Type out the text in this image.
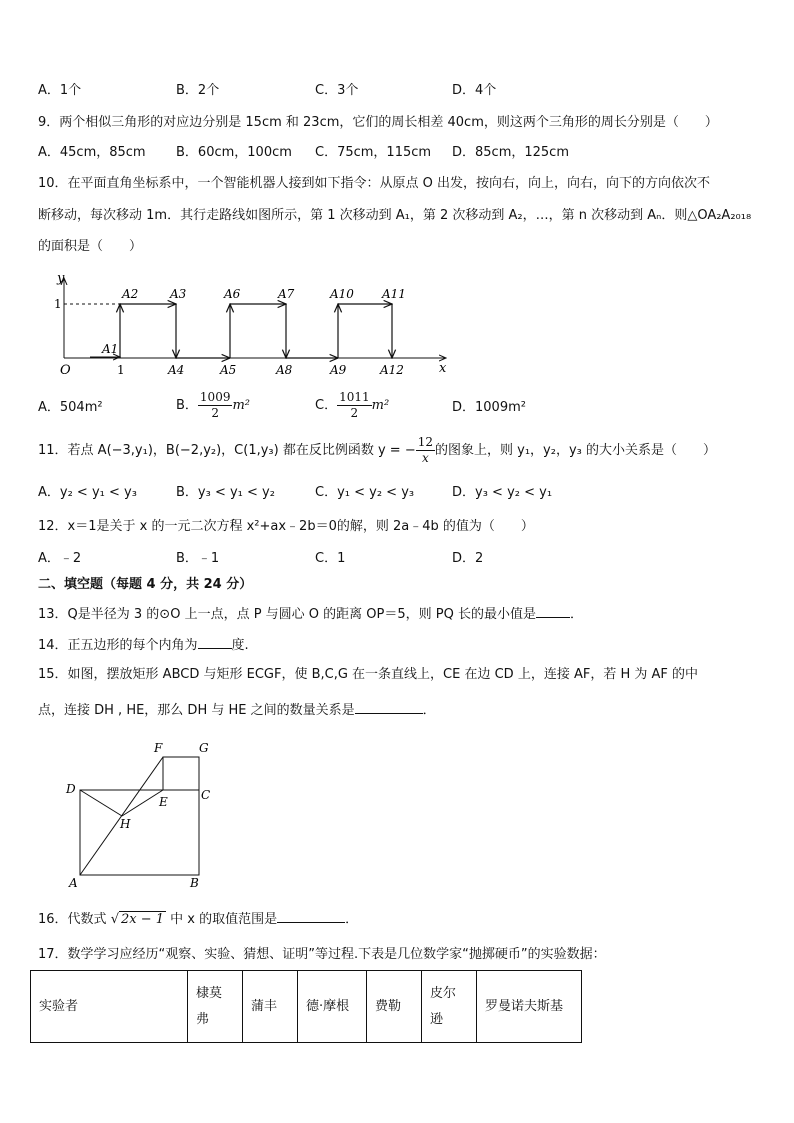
A．1个	B．2个	C．3个	D．4个
9．两个相似三角形的对应边分别是 15cm 和 23cm，它们的周长相差 40cm，则这两个三角形的周长分别是（　　）
A．45cm，85cm B．60cm，100cm C．75cm，115cm D．85cm，125cm
10．在平面直角坐标系中，一个智能机器人接到如下指令：从原点 O 出发，按向右，向上，向右，向下的方向依次不
断移动，每次移动 1m．其行走路线如图所示，第 1 次移动到 A₁，第 2 次移动到 A₂，…，第 n 次移动到 Aₙ．则△OA₂A₂₀₁₈
的面积是（　　）
y
x
O
1
1
A1
A2	A3
A4	A5
A6	A7
A8	A9
A10 A11
A12
A．504m²	B． $\frac{1009}{2} m^2$	C． $\frac{1011}{2} m^2$	D．1009m²
11．若点 A(−3,y₁)，B(−2,y₂)，C(1,y₃) 都在反比例函数 y = − $\frac{12}{x}$ 的图象上，则 y₁，y₂，y₃ 的大小关系是（　　）
A．y₂ < y₁ < y₃	B．y₃ < y₁ < y₂	C．y₁ < y₂ < y₃	D．y₃ < y₂ < y₁
12．x＝1是关于 x 的一元二次方程 x²+ax﹣2b＝0的解，则 2a﹣4b 的值为（　　）
A．﹣2	B．﹣1	C．1	D．2
二、填空题（每题 4 分，共 24 分）
13．Q是半径为 3 的⊙O 上一点，点 P 与圆心 O 的距离 OP＝5，则 PQ 长的最小值是	．
14．正五边形的每个内角为	度.
15．如图，摆放矩形 ABCD 与矩形 ECGF，使 B,C,G 在一条直线上，CE 在边 CD 上，连接 AF，若 H 为 AF 的中
点，连接 DH , HE，那么 DH 与 HE 之间的数量关系是	．
F	G
D	C
E
H
A	B
16．代数式 √ 2x − 1 中 x 的取值范围是	．
17．数学学习应经历“观察、实验、猜想、证明”等过程.下表是几位数学家“抛掷硬币”的实验数据：
实验者	棣莫弗	蒲丰	德·摩根	费勒	皮尔逊	罗曼诺夫斯基
